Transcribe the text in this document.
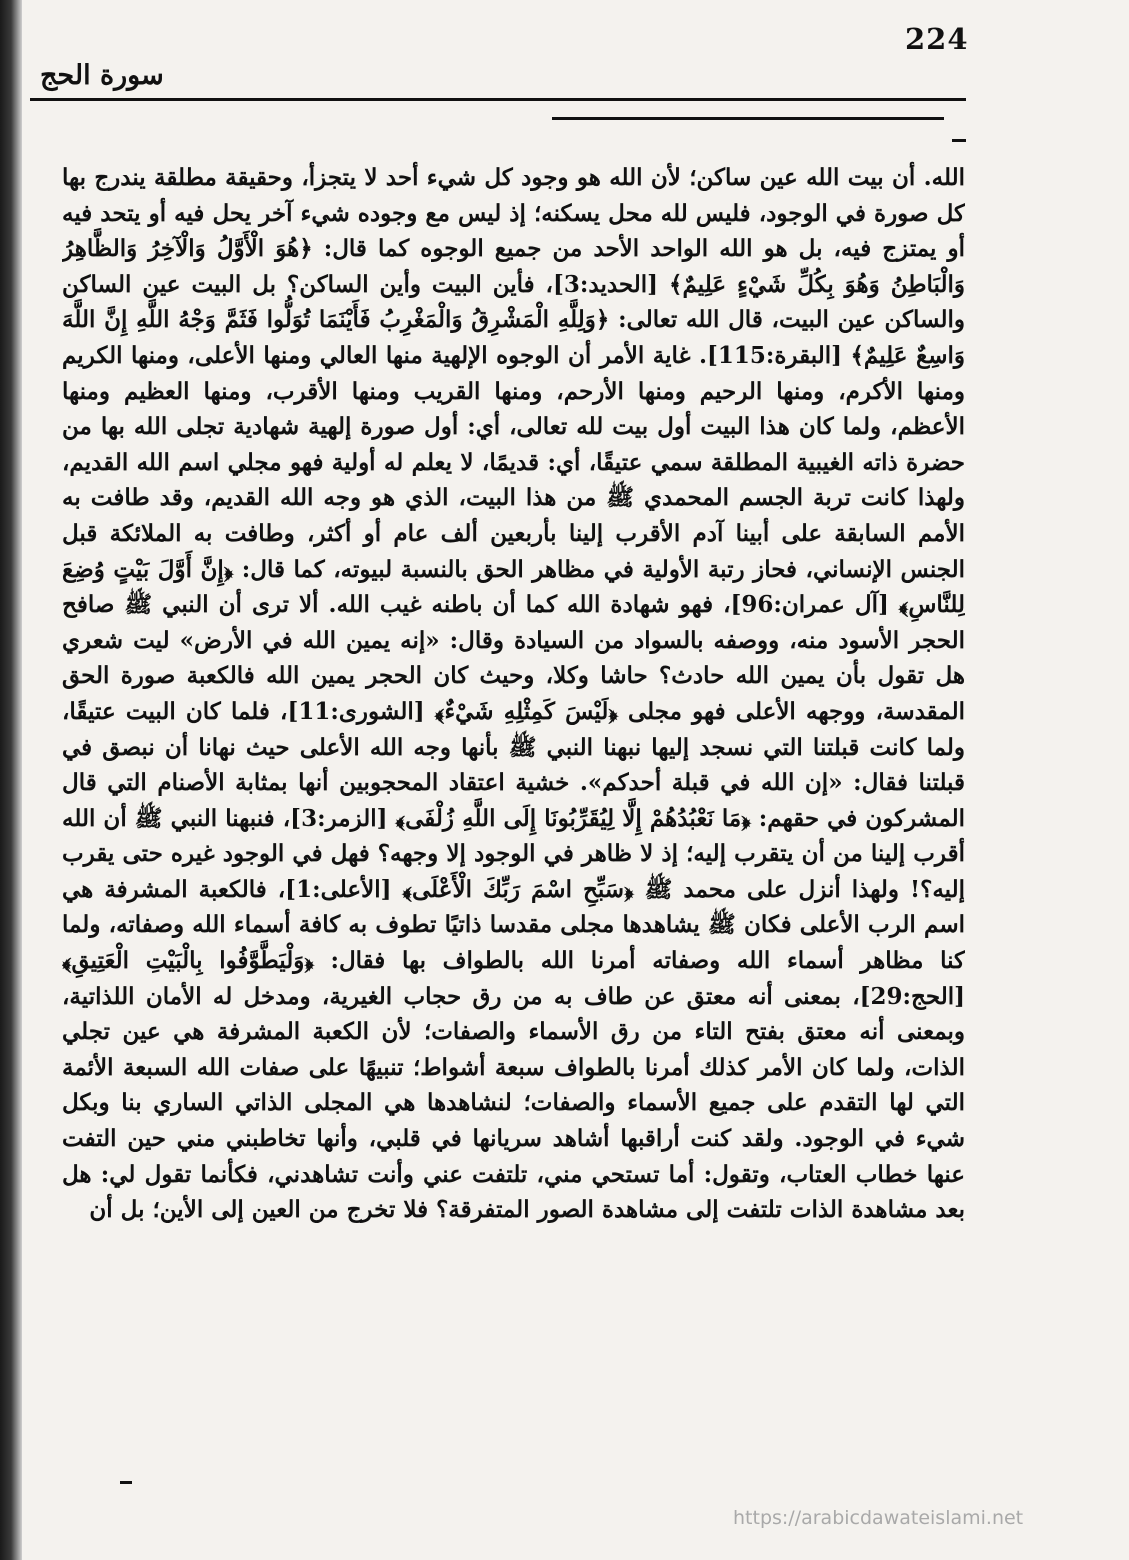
224
سورة الحج

الله. أن بيت الله عين ساكن؛ لأن الله هو وجود كل شيء أحد لا يتجزأ، وحقيقة مطلقة يندرج بها كل صورة في الوجود، فليس لله محل يسكنه؛ إذ ليس مع وجوده شيء آخر يحل فيه أو يتحد فيه أو يمتزج فيه، بل هو الله الواحد الأحد من جميع الوجوه كما قال: ﴿هُوَ الْأَوَّلُ وَالْآخِرُ وَالظَّاهِرُ وَالْبَاطِنُ وَهُوَ بِكُلِّ شَيْءٍ عَلِيمٌ﴾ [الحديد:3]، فأين البيت وأين الساكن؟ بل البيت عين الساكن والساكن عين البيت، قال الله تعالى: ﴿وَلِلَّهِ الْمَشْرِقُ وَالْمَغْرِبُ فَأَيْنَمَا تُوَلُّوا فَثَمَّ وَجْهُ اللَّهِ إِنَّ اللَّهَ وَاسِعٌ عَلِيمٌ﴾ [البقرة:115]. غاية الأمر أن الوجوه الإلهية منها العالي ومنها الأعلى، ومنها الكريم ومنها الأكرم، ومنها الرحيم ومنها الأرحم، ومنها القريب ومنها الأقرب، ومنها العظيم ومنها الأعظم، ولما كان هذا البيت أول بيت لله تعالى، أي: أول صورة إلهية شهادية تجلى الله بها من حضرة ذاته الغيبية المطلقة سمي عتيقًا، أي: قديمًا، لا يعلم له أولية فهو مجلي اسم الله القديم، ولهذا كانت تربة الجسم المحمدي ﷺ من هذا البيت، الذي هو وجه الله القديم، وقد طافت به الأمم السابقة على أبينا آدم الأقرب إلينا بأربعين ألف عام أو أكثر، وطافت به الملائكة قبل الجنس الإنساني، فحاز رتبة الأولية في مظاهر الحق بالنسبة لبيوته، كما قال: ﴿إِنَّ أَوَّلَ بَيْتٍ وُضِعَ لِلنَّاسِ﴾ [آل عمران:96]، فهو شهادة الله كما أن باطنه غيب الله. ألا ترى أن النبي ﷺ صافح الحجر الأسود منه، ووصفه بالسواد من السيادة وقال: «إنه يمين الله في الأرض» ليت شعري هل تقول بأن يمين الله حادث؟ حاشا وكلا، وحيث كان الحجر يمين الله فالكعبة صورة الحق المقدسة، ووجهه الأعلى فهو مجلى ﴿لَيْسَ كَمِثْلِهِ شَيْءٌ﴾ [الشورى:11]، فلما كان البيت عتيقًا، ولما كانت قبلتنا التي نسجد إليها نبهنا النبي ﷺ بأنها وجه الله الأعلى حيث نهانا أن نبصق في قبلتنا فقال: «إن الله في قبلة أحدكم». خشية اعتقاد المحجوبين أنها بمثابة الأصنام التي قال المشركون في حقهم: ﴿مَا نَعْبُدُهُمْ إِلَّا لِيُقَرِّبُونَا إِلَى اللَّهِ زُلْفَى﴾ [الزمر:3]، فنبهنا النبي ﷺ أن الله أقرب إلينا من أن يتقرب إليه؛ إذ لا ظاهر في الوجود إلا وجهه؟ فهل في الوجود غيره حتى يقرب إليه؟! ولهذا أنزل على محمد ﷺ ﴿سَبِّحِ اسْمَ رَبِّكَ الْأَعْلَى﴾ [الأعلى:1]، فالكعبة المشرفة هي اسم الرب الأعلى فكان ﷺ يشاهدها مجلى مقدسا ذاتيًا تطوف به كافة أسماء الله وصفاته، ولما كنا مظاهر أسماء الله وصفاته أمرنا الله بالطواف بها فقال: ﴿وَلْيَطَّوَّفُوا بِالْبَيْتِ الْعَتِيقِ﴾ [الحج:29]، بمعنى أنه معتق عن طاف به من رق حجاب الغيرية، ومدخل له الأمان اللذاتية، وبمعنى أنه معتق بفتح التاء من رق الأسماء والصفات؛ لأن الكعبة المشرفة هي عين تجلي الذات، ولما كان الأمر كذلك أمرنا بالطواف سبعة أشواط؛ تنبيهًا على صفات الله السبعة الأئمة التي لها التقدم على جميع الأسماء والصفات؛ لنشاهدها هي المجلى الذاتي الساري بنا وبكل شيء في الوجود. ولقد كنت أراقبها أشاهد سريانها في قلبي، وأنها تخاطبني مني حين التفت عنها خطاب العتاب، وتقول: أما تستحي مني، تلتفت عني وأنت تشاهدني، فكأنما تقول لي: هل بعد مشاهدة الذات تلتفت إلى مشاهدة الصور المتفرقة؟ فلا تخرج من العين إلى الأين؛ بل أن

https://arabicdawateislami.net
